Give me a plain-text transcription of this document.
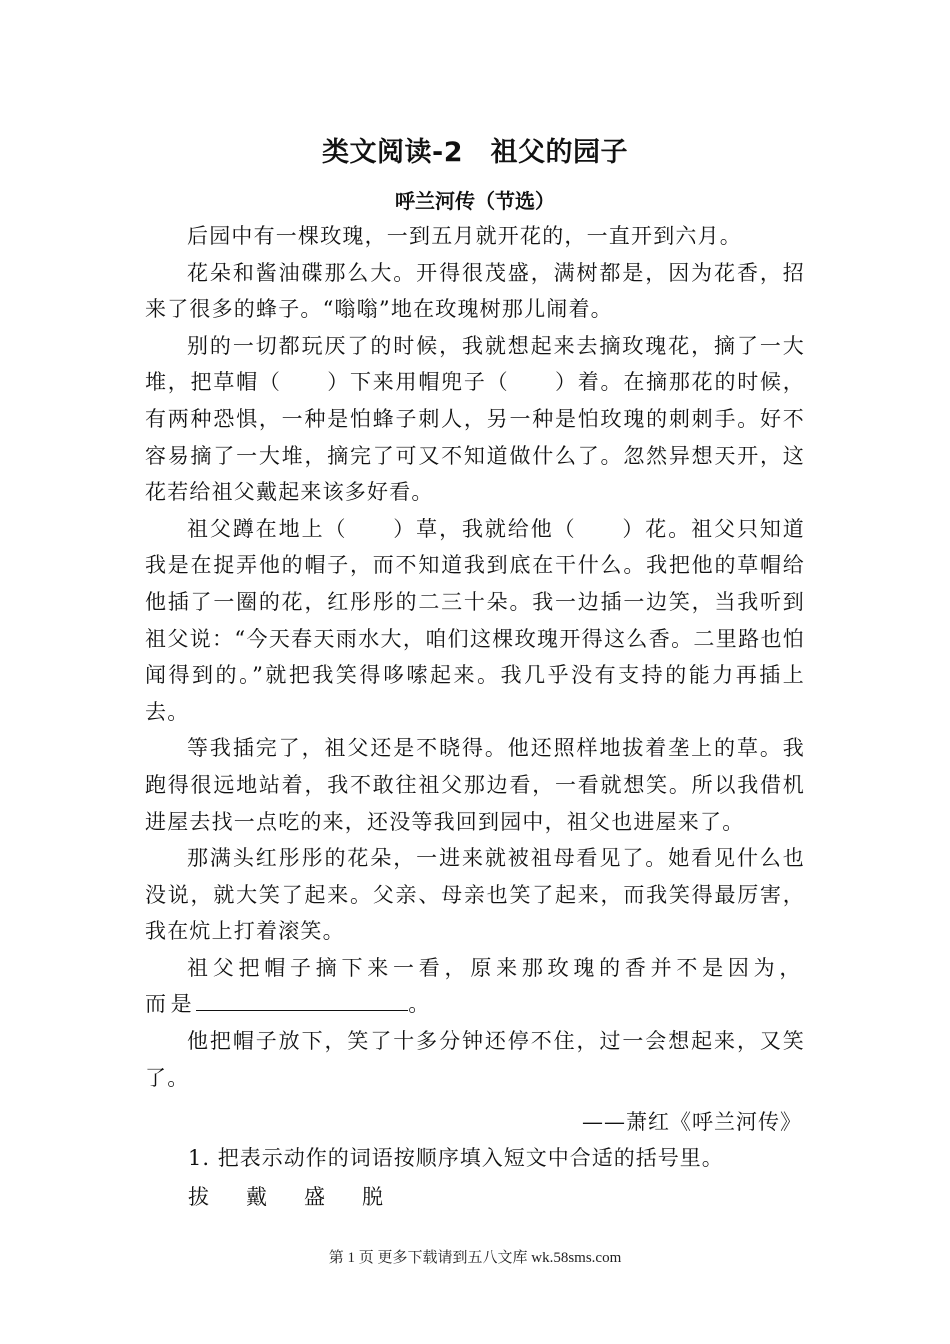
类文阅读-2　祖父的园子
呼兰河传（节选）

后园中有一棵玫瑰，一到五月就开花的，一直开到六月。

花朵和酱油碟那么大。开得很茂盛，满树都是，因为花香，招来了很多的蜂子。“嗡嗡”地在玫瑰树那儿闹着。

别的一切都玩厌了的时候，我就想起来去摘玫瑰花，摘了一大堆，把草帽（　　）下来用帽兜子（　　）着。在摘那花的时候，有两种恐惧，一种是怕蜂子刺人，另一种是怕玫瑰的刺刺手。好不容易摘了一大堆，摘完了可又不知道做什么了。忽然异想天开，这花若给祖父戴起来该多好看。

祖父蹲在地上（　　）草，我就给他（　　）花。祖父只知道我是在捉弄他的帽子，而不知道我到底在干什么。我把他的草帽给他插了一圈的花，红彤彤的二三十朵。我一边插一边笑，当我听到祖父说：“今天春天雨水大，咱们这棵玫瑰开得这么香。二里路也怕闻得到的。”就把我笑得哆嗦起来。我几乎没有支持的能力再插上去。

等我插完了，祖父还是不晓得。他还照样地拔着垄上的草。我跑得很远地站着，我不敢往祖父那边看，一看就想笑。所以我借机进屋去找一点吃的来，还没等我回到园中，祖父也进屋来了。

那满头红彤彤的花朵，一进来就被祖母看见了。她看见什么也没说，就大笑了起来。父亲、母亲也笑了起来，而我笑得最厉害，我在炕上打着滚笑。

祖父把帽子摘下来一看，原来那玫瑰的香并不是因为，而是	。

他把帽子放下，笑了十多分钟还停不住，过一会想起来，又笑了。

——萧红《呼兰河传》
1. 把表示动作的词语按顺序填入短文中合适的括号里。
拔	戴	盛	脱
第 1 页 更多下载请到五八文库 wk.58sms.com
